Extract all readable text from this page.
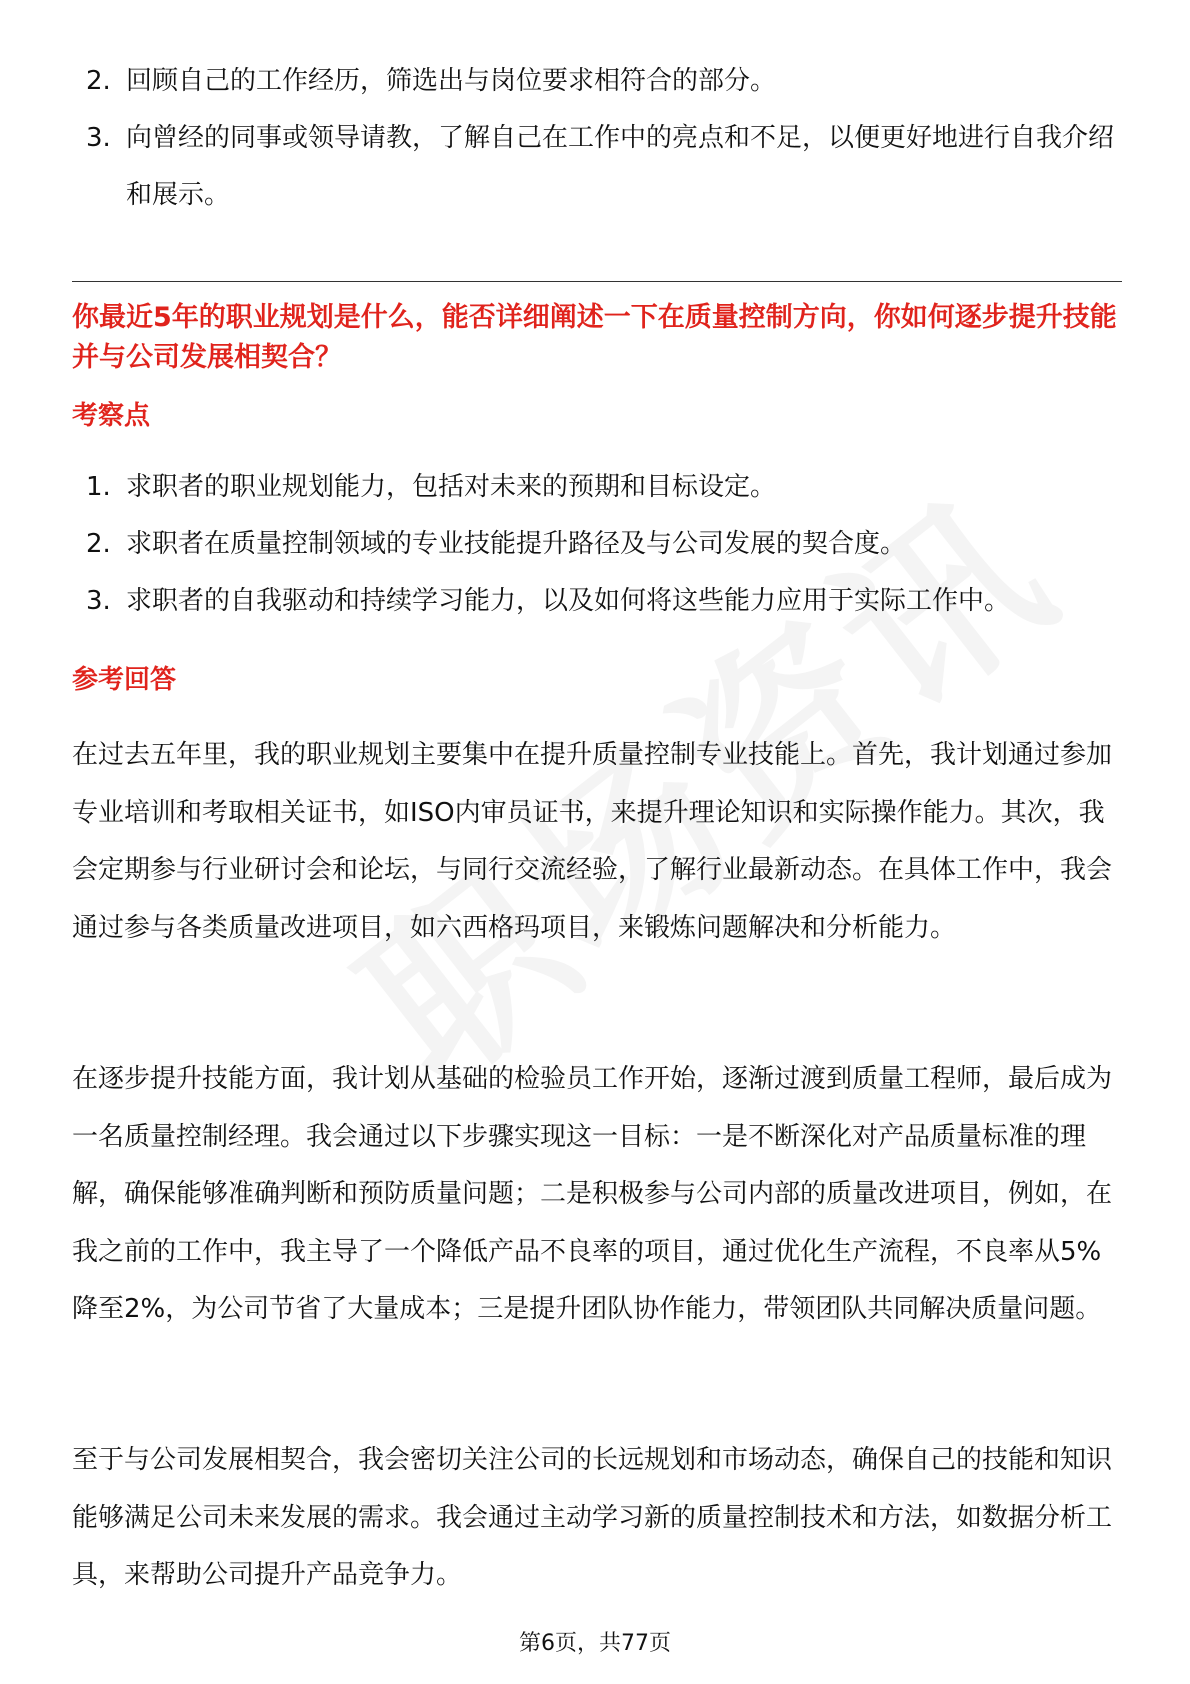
2. 回顾自己的工作经历，筛选出与岗位要求相符合的部分。
3. 向曾经的同事或领导请教，了解自己在工作中的亮点和不足，以便更好地进行自我介绍和展示。
你最近5年的职业规划是什么，能否详细阐述一下在质量控制方向，你如何逐步提升技能并与公司发展相契合？
考察点
1. 求职者的职业规划能力，包括对未来的预期和目标设定。
2. 求职者在质量控制领域的专业技能提升路径及与公司发展的契合度。
3. 求职者的自我驱动和持续学习能力，以及如何将这些能力应用于实际工作中。
参考回答

在过去五年里，我的职业规划主要集中在提升质量控制专业技能上。首先，我计划通过参加专业培训和考取相关证书，如ISO内审员证书，来提升理论知识和实际操作能力。其次，我会定期参与行业研讨会和论坛，与同行交流经验，了解行业最新动态。在具体工作中，我会通过参与各类质量改进项目，如六西格玛项目，来锻炼问题解决和分析能力。

在逐步提升技能方面，我计划从基础的检验员工作开始，逐渐过渡到质量工程师，最后成为一名质量控制经理。我会通过以下步骤实现这一目标：一是不断深化对产品质量标准的理解，确保能够准确判断和预防质量问题；二是积极参与公司内部的质量改进项目，例如，在我之前的工作中，我主导了一个降低产品不良率的项目，通过优化生产流程，不良率从5%降至2%，为公司节省了大量成本；三是提升团队协作能力，带领团队共同解决质量问题。

至于与公司发展相契合，我会密切关注公司的长远规划和市场动态，确保自己的技能和知识能够满足公司未来发展的需求。我会通过主动学习新的质量控制技术和方法，如数据分析工具，来帮助公司提升产品竞争力。

第6页，共77页
